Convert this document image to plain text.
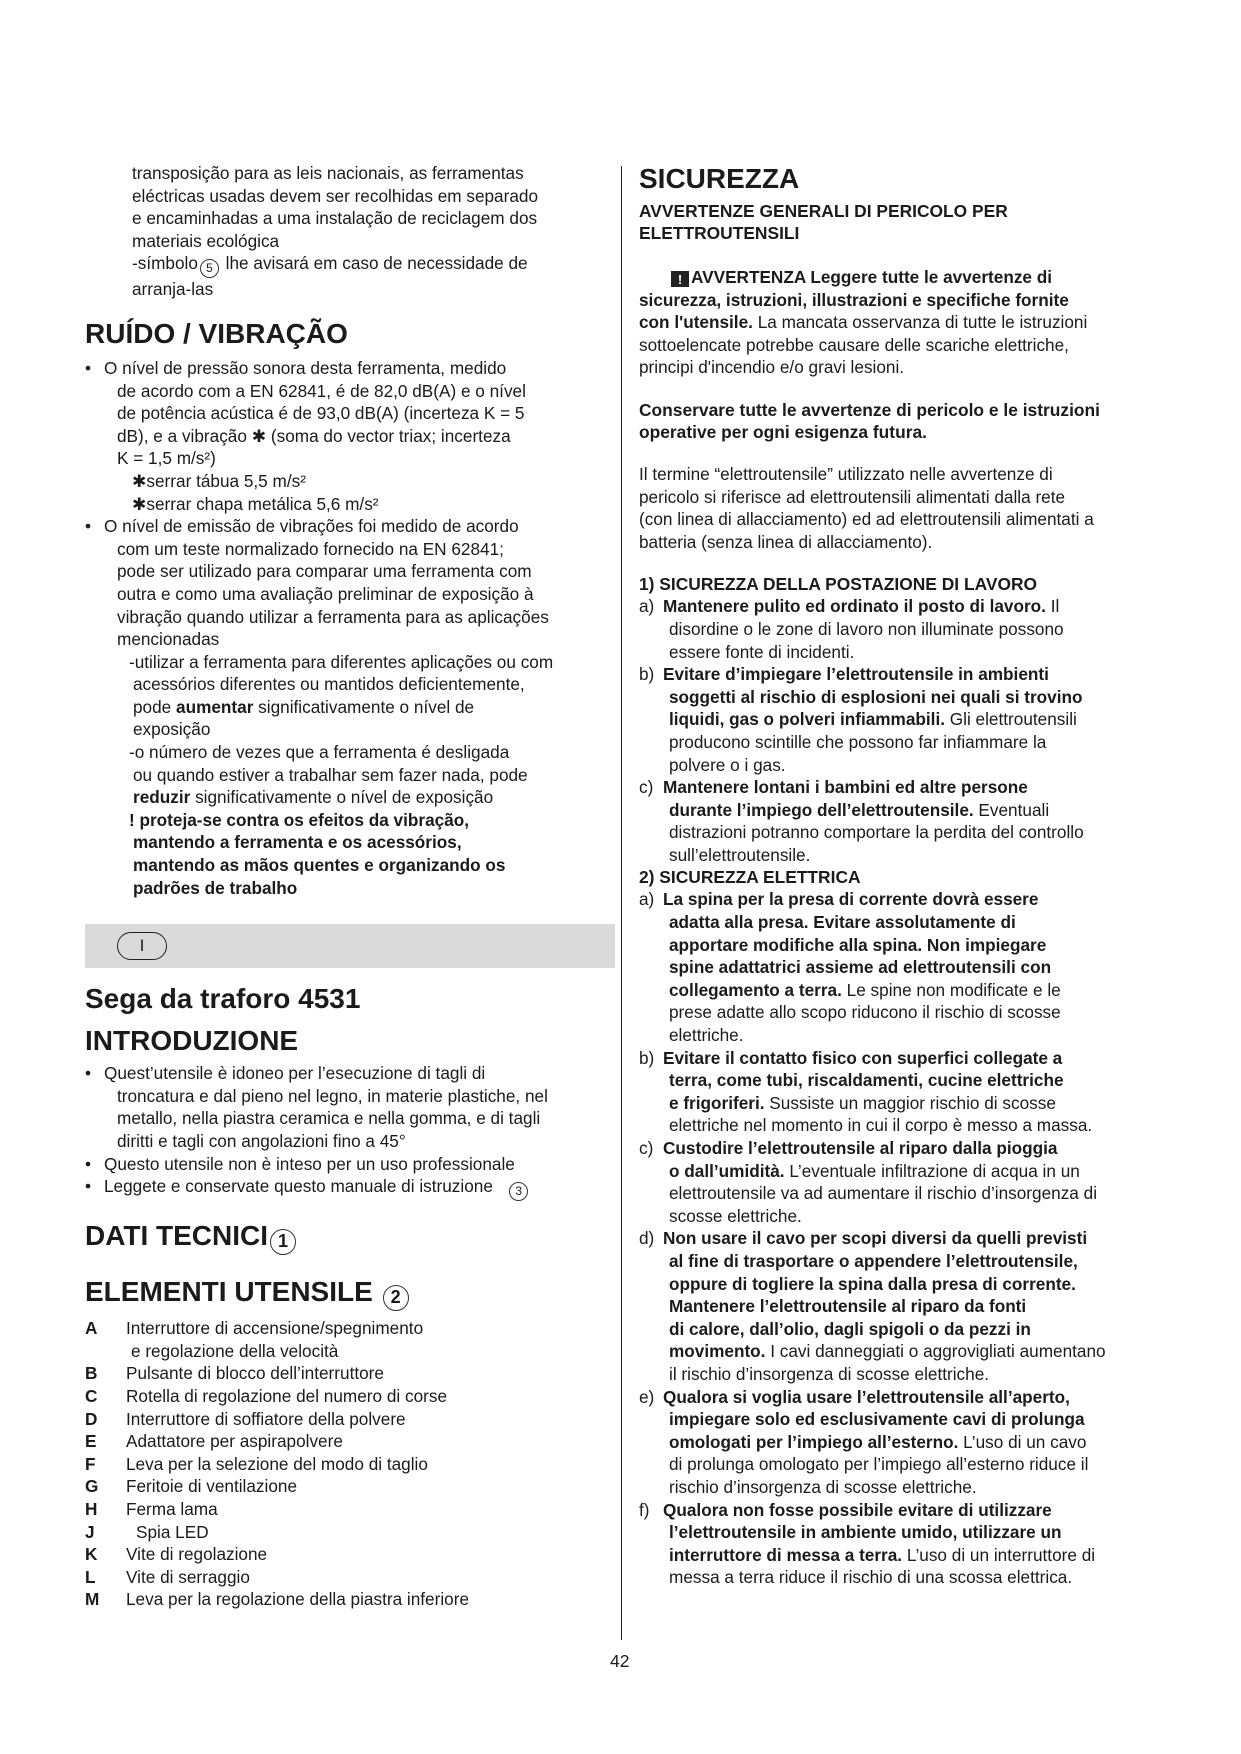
transposição para as leis nacionais, as ferramentas

eléctricas usadas devem ser recolhidas em separado

e encaminhadas a uma instalação de reciclagem dos

materiais ecológica

-símbolo 5 lhe avisará em caso de necessidade de

arranja-las

RUÍDO / VIBRAÇÃO

• O nível de pressão sonora desta ferramenta, medido

de acordo com a EN 62841, é de 82,0 dB(A) e o nível

de potência acústica é de 93,0 dB(A) (incerteza K = 5

dB), e a vibração ✱ (soma do vector triax; incerteza

K = 1,5 m/s²)

✱serrar tábua 5,5 m/s²

✱serrar chapa metálica 5,6 m/s²

• O nível de emissão de vibrações foi medido de acordo

com um teste normalizado fornecido na EN 62841;

pode ser utilizado para comparar uma ferramenta com

outra e como uma avaliação preliminar de exposição à

vibração quando utilizar a ferramenta para as aplicações

mencionadas

-utilizar a ferramenta para diferentes aplicações ou com

acessórios diferentes ou mantidos deficientemente,

pode aumentar significativamente o nível de

exposição

-o número de vezes que a ferramenta é desligada

ou quando estiver a trabalhar sem fazer nada, pode

reduzir significativamente o nível de exposição

! proteja-se contra os efeitos da vibração,

mantendo a ferramenta e os acessórios,

mantendo as mãos quentes e organizando os

padrões de trabalho

I
Sega da traforo 4531
INTRODUZIONE

• Quest’utensile è idoneo per l’esecuzione di tagli di

troncatura e dal pieno nel legno, in materie plastiche, nel

metallo, nella piastra ceramica e nella gomma, e di tagli

diritti e tagli con angolazioni fino a 45°

• Questo utensile non è inteso per un uso professionale
• Leggete e conservate questo manuale di istruzione 3
DATI TECNICI 1
ELEMENTI UTENSILE 2
A	Interruttore di accensione/spegnimento
e regolazione della velocità
B	Pulsante di blocco dell’interruttore
C	Rotella di regolazione del numero di corse
D	Interruttore di soffiatore della polvere
E	Adattatore per aspirapolvere
F	Leva per la selezione del modo di taglio
G	Feritoie di ventilazione
H	Ferma lama
J	Spia LED
K	Vite di regolazione
L	Vite di serraggio
M	Leva per la regolazione della piastra inferiore
SICUREZZA

AVVERTENZE GENERALI DI PERICOLO PER

ELETTROUTENSILI

! AVVERTENZA Leggere tutte le avvertenze di

sicurezza, istruzioni, illustrazioni e specifiche fornite

con l'utensile. La mancata osservanza di tutte le istruzioni

sottoelencate potrebbe causare delle scariche elettriche,

principi d'incendio e/o gravi lesioni.

Conservare tutte le avvertenze di pericolo e le istruzioni

operative per ogni esigenza futura.

Il termine “elettroutensile” utilizzato nelle avvertenze di

pericolo si riferisce ad elettroutensili alimentati dalla rete

(con linea di allacciamento) ed ad elettroutensili alimentati a

batteria (senza linea di allacciamento).

1) SICUREZZA DELLA POSTAZIONE DI LAVORO
a) Mantenere pulito ed ordinato il posto di lavoro. Il
disordine o le zone di lavoro non illuminate possono
essere fonte di incidenti.
b) Evitare d’impiegare l’elettroutensile in ambienti
soggetti al rischio di esplosioni nei quali si trovino
liquidi, gas o polveri infiammabili. Gli elettroutensili
producono scintille che possono far infiammare la
polvere o i gas.
c) Mantenere lontani i bambini ed altre persone
durante l’impiego dell’elettroutensile. Eventuali
distrazioni potranno comportare la perdita del controllo
sull’elettroutensile.
2) SICUREZZA ELETTRICA
a) La spina per la presa di corrente dovrà essere
adatta alla presa. Evitare assolutamente di
apportare modifiche alla spina. Non impiegare
spine adattatrici assieme ad elettroutensili con
collegamento a terra. Le spine non modificate e le
prese adatte allo scopo riducono il rischio di scosse
elettriche.
b) Evitare il contatto fisico con superfici collegate a
terra, come tubi, riscaldamenti, cucine elettriche
e frigoriferi. Sussiste un maggior rischio di scosse
elettriche nel momento in cui il corpo è messo a massa.
c) Custodire l’elettroutensile al riparo dalla pioggia
o dall’umidità. L’eventuale infiltrazione di acqua in un
elettroutensile va ad aumentare il rischio d’insorgenza di
scosse elettriche.
d) Non usare il cavo per scopi diversi da quelli previsti
al fine di trasportare o appendere l’elettroutensile,
oppure di togliere la spina dalla presa di corrente.
Mantenere l’elettroutensile al riparo da fonti
di calore, dall’olio, dagli spigoli o da pezzi in
movimento. I cavi danneggiati o aggrovigliati aumentano
il rischio d’insorgenza di scosse elettriche.
e) Qualora si voglia usare l’elettroutensile all’aperto,
impiegare solo ed esclusivamente cavi di prolunga
omologati per l’impiego all’esterno. L’uso di un cavo
di prolunga omologato per l’impiego all’esterno riduce il
rischio d’insorgenza di scosse elettriche.
f) Qualora non fosse possibile evitare di utilizzare
l’elettroutensile in ambiente umido, utilizzare un
interruttore di messa a terra. L’uso di un interruttore di
messa a terra riduce il rischio di una scossa elettrica.
42
